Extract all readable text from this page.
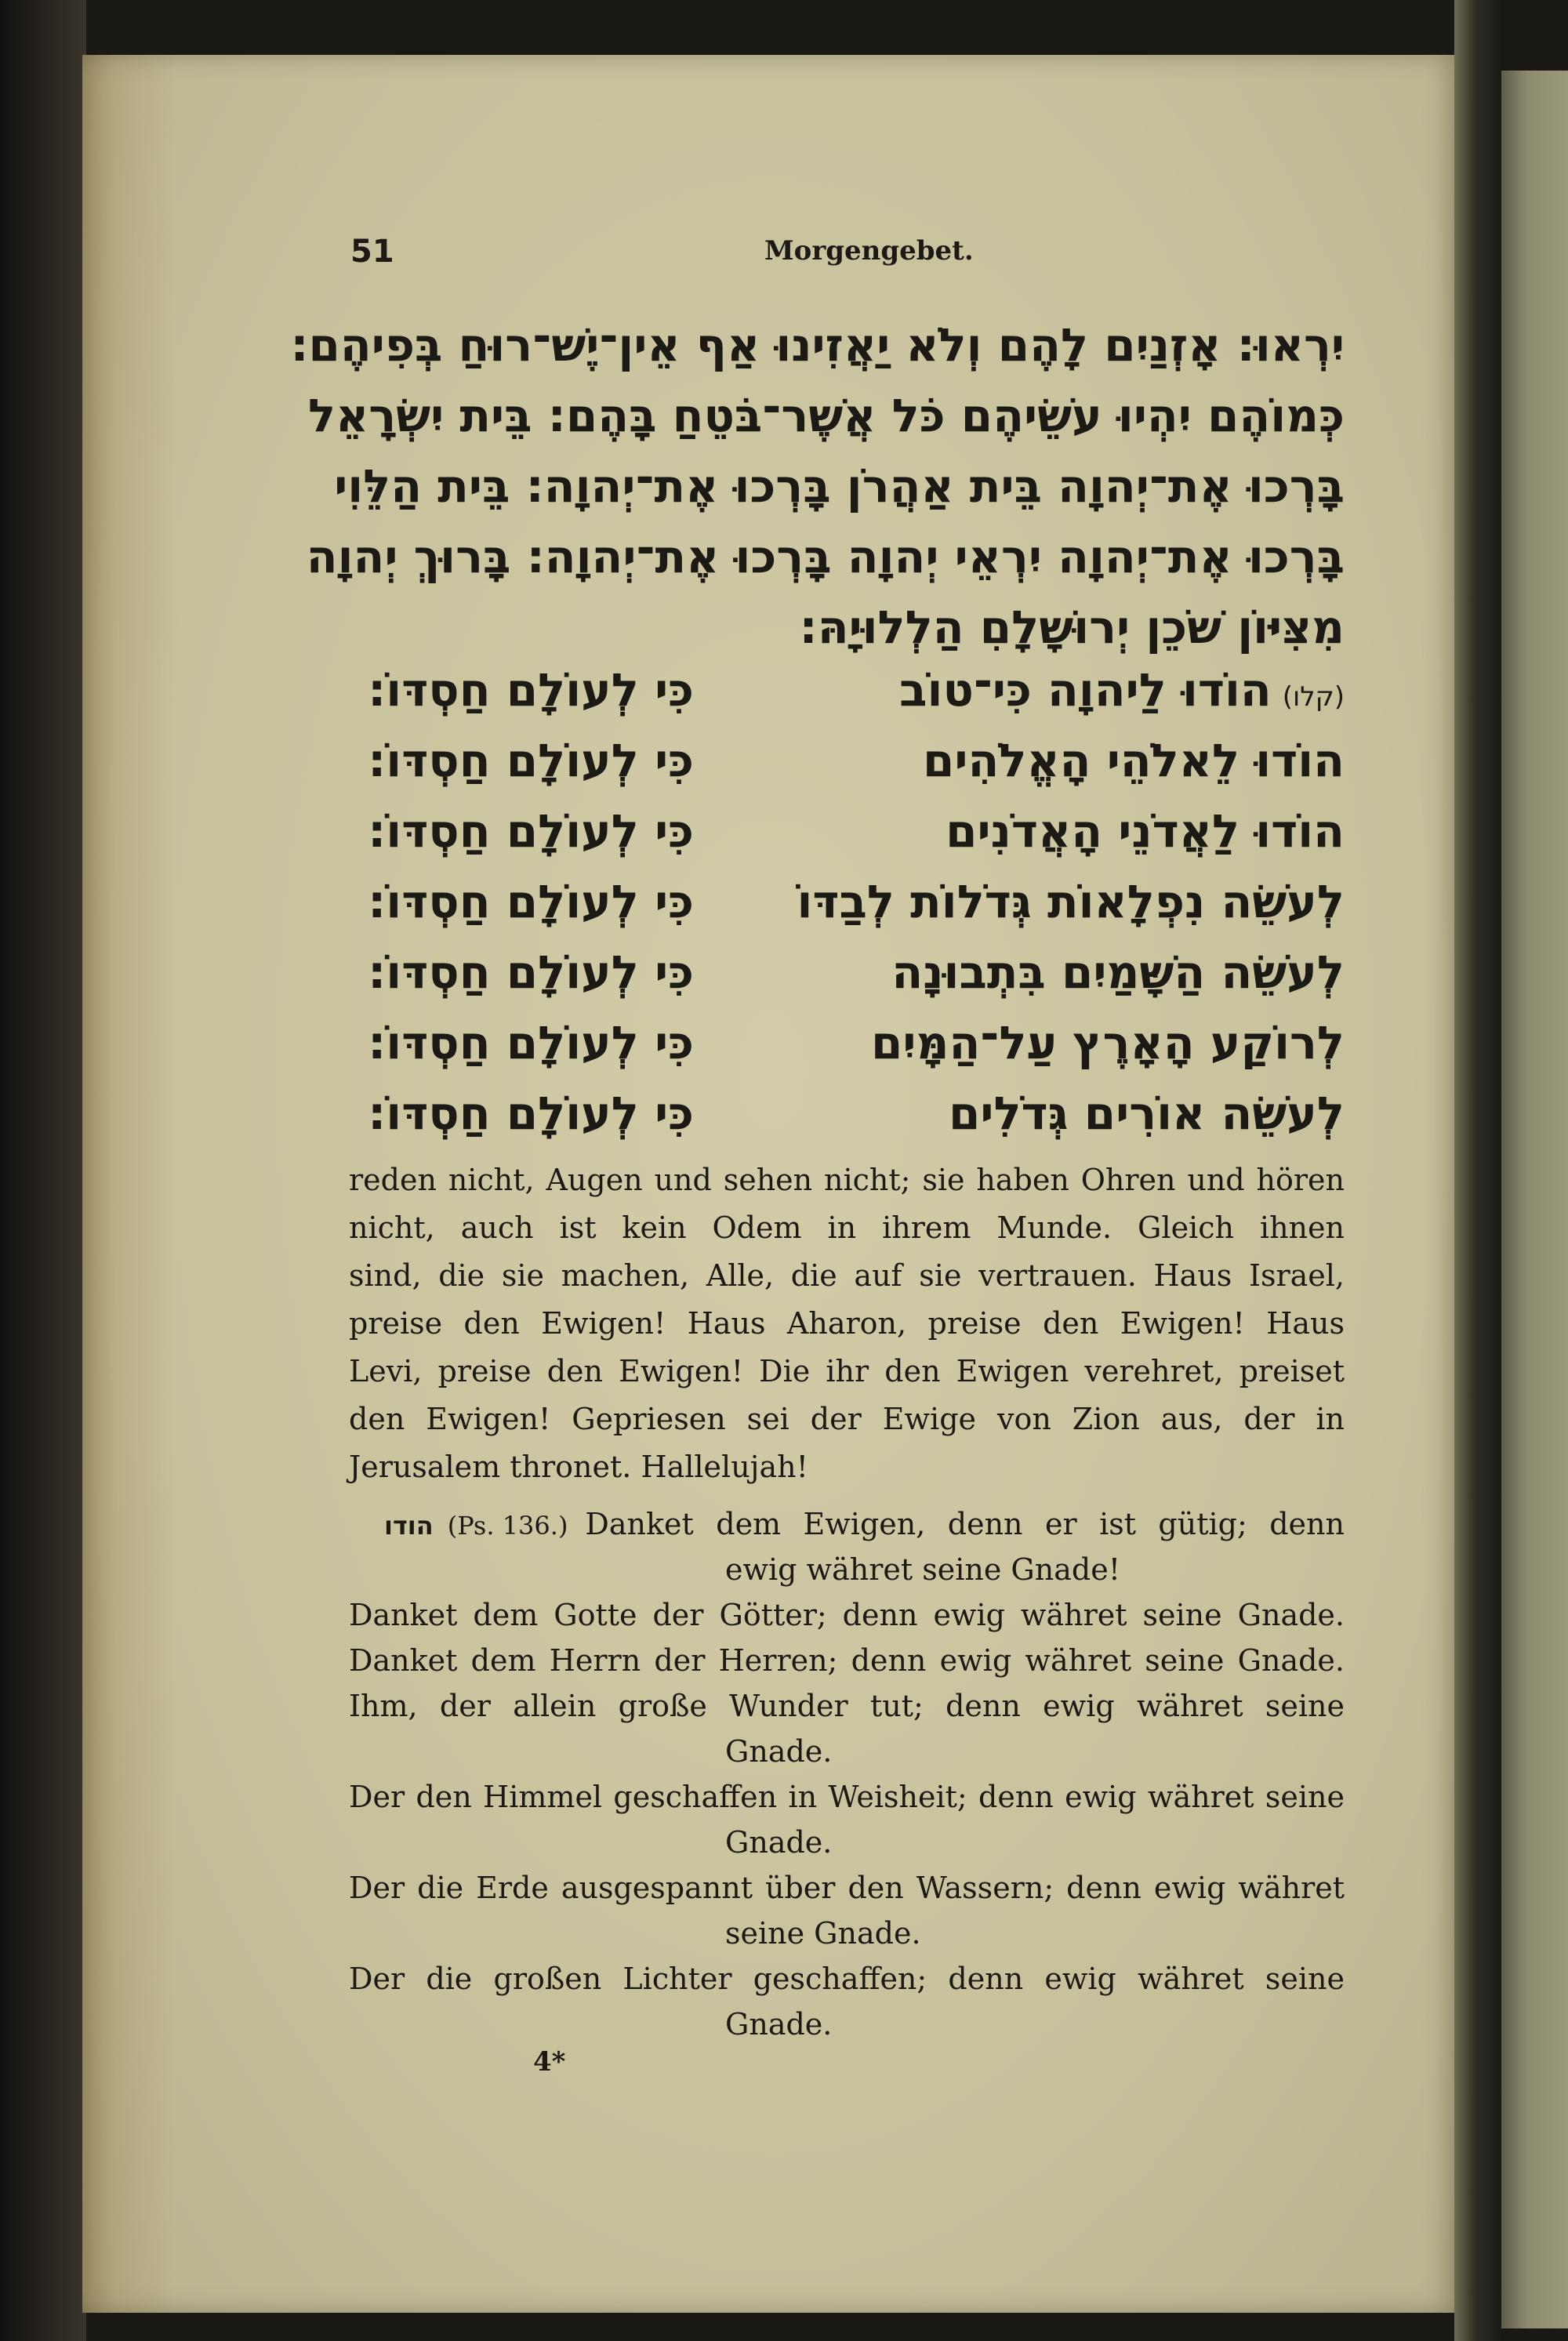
51	Morgengebet.
יִרְאוּ: אָזְנַיִם לָהֶם וְלֹא יַאֲזִינוּ אַף אֵין־יֶשׁ־רוּחַ בְּפִיהֶם:
כְּמוֹהֶם יִהְיוּ עֹשֵׂיהֶם כֹּל אֲשֶׁר־בֹּטֵחַ בָּהֶם: בֵּית יִשְׂרָאֵל
בָּרְכוּ אֶת־יְהוָה בֵּית אַהֲרֹן בָּרְכוּ אֶת־יְהוָה: בֵּית הַלֵּוִי
בָּרְכוּ אֶת־יְהוָה יִרְאֵי יְהוָה בָּרְכוּ אֶת־יְהוָה: בָּרוּךְ יְהוָה
מִצִּיּוֹן שֹׁכֵן יְרוּשָׁלָםִ הַלְלוּיָהּ:
(קלו)הוֹדוּ לַיהוָה כִּי־טוֹב
כִּי לְעוֹלָם חַסְדּוֹ:
הוֹדוּ לֵאלֹהֵי הָאֱלֹהִים
כִּי לְעוֹלָם חַסְדּוֹ:
הוֹדוּ לַאֲדֹנֵי הָאֲדֹנִים
כִּי לְעוֹלָם חַסְדּוֹ:
לְעֹשֵׂה נִפְלָאוֹת גְּדֹלוֹת לְבַדּוֹ
כִּי לְעוֹלָם חַסְדּוֹ:
לְעֹשֵׂה הַשָּׁמַיִם בִּתְבוּנָה
כִּי לְעוֹלָם חַסְדּוֹ:
לְרוֹקַע הָאָרֶץ עַל־הַמָּיִם
כִּי לְעוֹלָם חַסְדּוֹ:
לְעֹשֵׂה אוֹרִים גְּדֹלִים
כִּי לְעוֹלָם חַסְדּוֹ:
reden nicht, Augen und sehen nicht; sie haben Ohren und hören
nicht, auch ist kein Odem in ihrem Munde. Gleich ihnen
sind, die sie machen, Alle, die auf sie vertrauen. Haus Israel,
preise den Ewigen! Haus Aharon, preise den Ewigen! Haus
Levi, preise den Ewigen! Die ihr den Ewigen verehret, preiset
den Ewigen! Gepriesen sei der Ewige von Zion aus, der in
Jerusalem thronet. Hallelujah!
הודו (Ps. 136.) Danket dem Ewigen, denn er ist gütig; denn
ewig währet seine Gnade!
Danket dem Gotte der Götter; denn ewig währet seine Gnade.
Danket dem Herrn der Herren; denn ewig währet seine Gnade.
Ihm, der allein große Wunder tut; denn ewig währet seine
Gnade.
Der den Himmel geschaffen in Weisheit; denn ewig währet seine
Gnade.
Der die Erde ausgespannt über den Wassern; denn ewig währet
seine Gnade.
Der die großen Lichter geschaffen; denn ewig währet seine
Gnade.
4*
